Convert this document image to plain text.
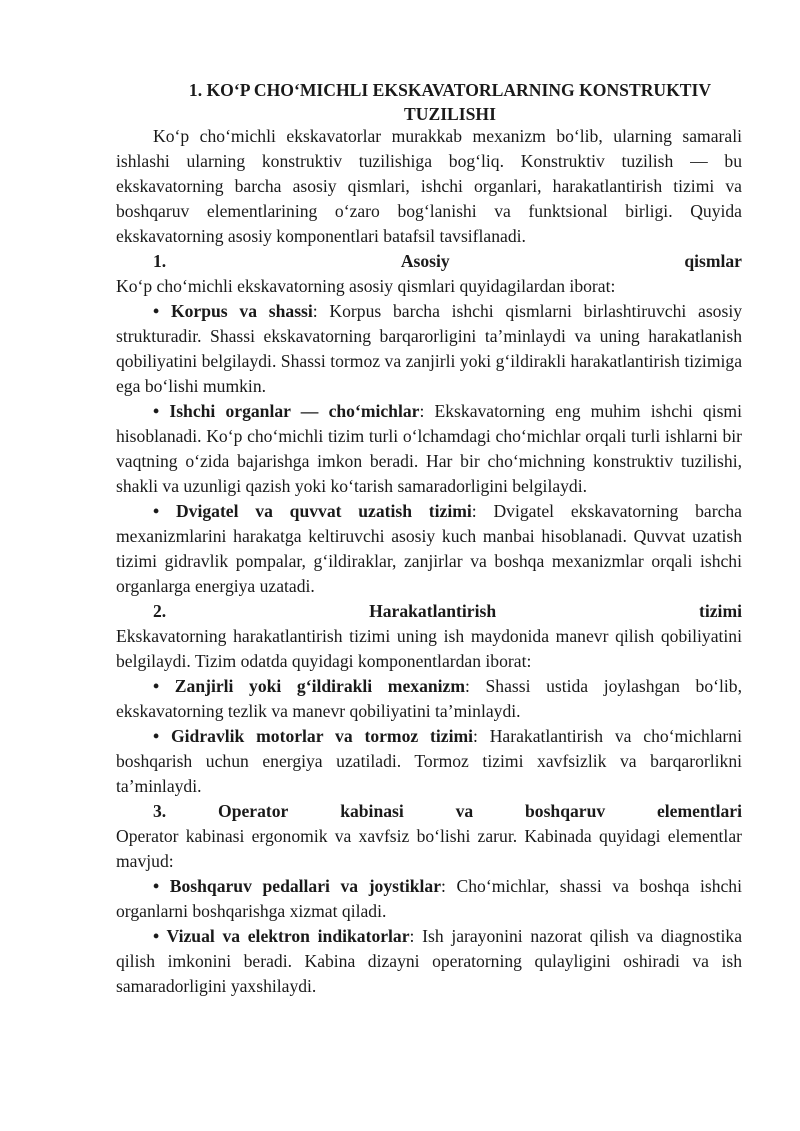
1. KO‘P CHO‘MICHLI EKSKAVATORLARNING KONSTRUKTIV TUZILISHI

Ko‘p cho‘michli ekskavatorlar murakkab mexanizm bo‘lib, ularning samarali ishlashi ularning konstruktiv tuzilishiga bog‘liq. Konstruktiv tuzilish — bu ekskavatorning barcha asosiy qismlari, ishchi organlari, harakatlantirish tizimi va boshqaruv elementlarining o‘zaro bog‘lanishi va funktsional birligi. Quyida ekskavatorning asosiy komponentlari batafsil tavsiflanadi.

1.	Asosiy	qismlar

Ko‘p cho‘michli ekskavatorning asosiy qismlari quyidagilardan iborat:

• Korpus va shassi: Korpus barcha ishchi qismlarni birlashtiruvchi asosiy strukturadir. Shassi ekskavatorning barqarorligini ta’minlaydi va uning harakatlanish qobiliyatini belgilaydi. Shassi tormoz va zanjirli yoki g‘ildirakli harakatlantirish tizimiga ega bo‘lishi mumkin.

• Ishchi organlar — cho‘michlar: Ekskavatorning eng muhim ishchi qismi hisoblanadi. Ko‘p cho‘michli tizim turli o‘lchamdagi cho‘michlar orqali turli ishlarni bir vaqtning o‘zida bajarishga imkon beradi. Har bir cho‘michning konstruktiv tuzilishi, shakli va uzunligi qazish yoki ko‘tarish samaradorligini belgilaydi.

• Dvigatel va quvvat uzatish tizimi: Dvigatel ekskavatorning barcha mexanizmlarini harakatga keltiruvchi asosiy kuch manbai hisoblanadi. Quvvat uzatish tizimi gidravlik pompalar, g‘ildiraklar, zanjirlar va boshqa mexanizmlar orqali ishchi organlarga energiya uzatadi.

2.	Harakatlantirish	tizimi

Ekskavatorning harakatlantirish tizimi uning ish maydonida manevr qilish qobiliyatini belgilaydi. Tizim odatda quyidagi komponentlardan iborat:

• Zanjirli yoki g‘ildirakli mexanizm: Shassi ustida joylashgan bo‘lib, ekskavatorning tezlik va manevr qobiliyatini ta’minlaydi.

• Gidravlik motorlar va tormoz tizimi: Harakatlantirish va cho‘michlarni boshqarish uchun energiya uzatiladi. Tormoz tizimi xavfsizlik va barqarorlikni ta’minlaydi.

3.	Operator	kabinasi	va	boshqaruv	elementlari

Operator kabinasi ergonomik va xavfsiz bo‘lishi zarur. Kabinada quyidagi elementlar mavjud:

• Boshqaruv pedallari va joystiklar: Cho‘michlar, shassi va boshqa ishchi organlarni boshqarishga xizmat qiladi.

• Vizual va elektron indikatorlar: Ish jarayonini nazorat qilish va diagnostika qilish imkonini beradi. Kabina dizayni operatorning qulayligini oshiradi va ish samaradorligini yaxshilaydi.
